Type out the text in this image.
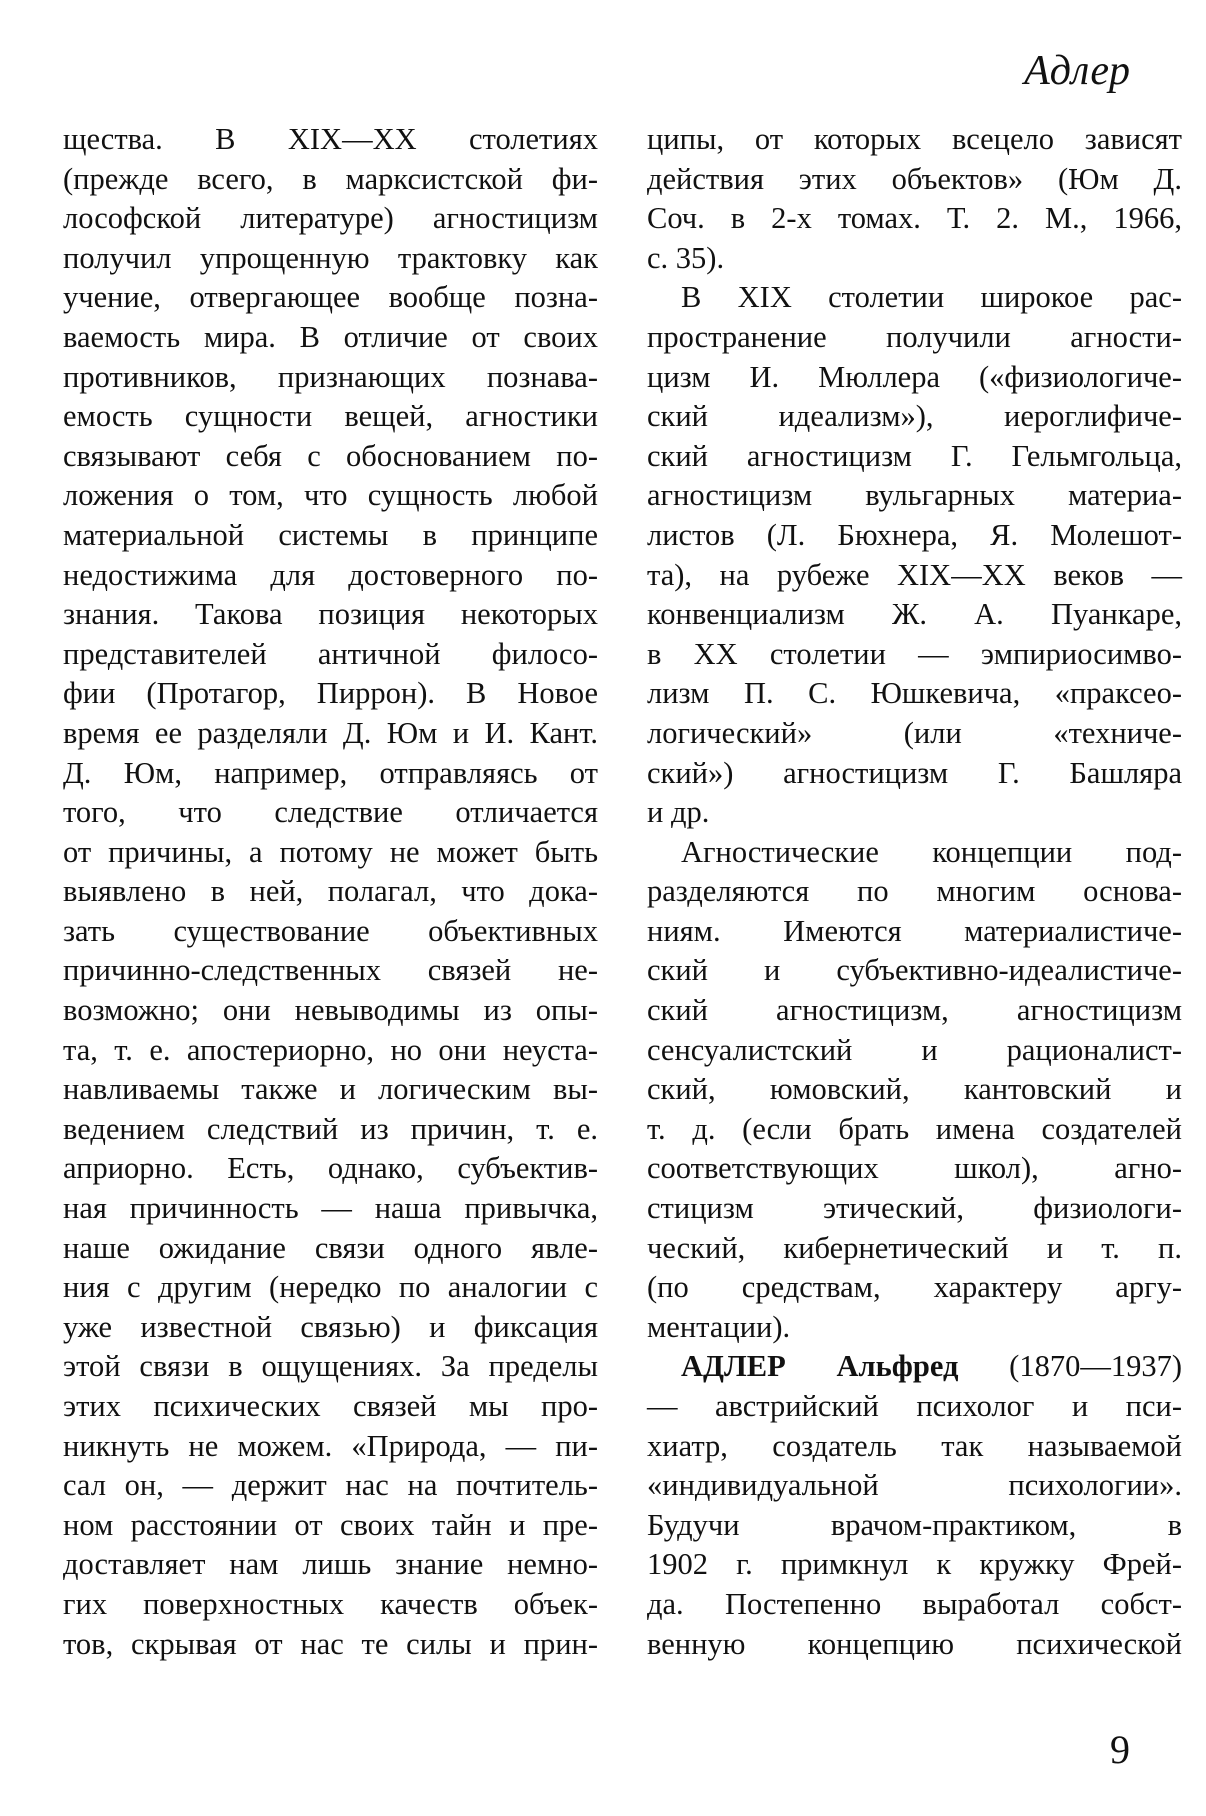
Адлер
щества. В XIX—XX столетиях
(прежде всего, в марксистской фи-
лософской литературе) агностицизм
получил упрощенную трактовку как
учение, отвергающее вообще позна-
ваемость мира. В отличие от своих
противников, признающих познава-
емость сущности вещей, агностики
связывают себя с обоснованием по-
ложения о том, что сущность любой
материальной системы в принципе
недостижима для достоверного по-
знания. Такова позиция некоторых
представителей античной филосо-
фии (Протагор, Пиррон). В Новое
время ее разделяли Д. Юм и И. Кант.
Д. Юм, например, отправляясь от
того, что следствие отличается
от причины, а потому не может быть
выявлено в ней, полагал, что дока-
зать существование объективных
причинно-следственных связей не-
возможно; они невыводимы из опы-
та, т. е. апостериорно, но они неуста-
навливаемы также и логическим вы-
ведением следствий из причин, т. е.
априорно. Есть, однако, субъектив-
ная причинность — наша привычка,
наше ожидание связи одного явле-
ния с другим (нередко по аналогии с
уже известной связью) и фиксация
этой связи в ощущениях. За пределы
этих психических связей мы про-
никнуть не можем. «Природа, — пи-
сал он, — держит нас на почтитель-
ном расстоянии от своих тайн и пре-
доставляет нам лишь знание немно-
гих поверхностных качеств объек-
тов, скрывая от нас те силы и прин-
ципы, от которых всецело зависят
действия этих объектов» (Юм Д.
Соч. в 2-х томах. Т. 2. М., 1966,
с. 35).
В XIX столетии широкое рас-
пространение получили агности-
цизм И. Мюллера («физиологиче-
ский идеализм»), иероглифиче-
ский агностицизм Г. Гельмгольца,
агностицизм вульгарных материа-
листов (Л. Бюхнера, Я. Молешот-
та), на рубеже XIX—XX веков —
конвенциализм Ж. А. Пуанкаре,
в XX столетии — эмпириосимво-
лизм П. С. Юшкевича, «праксео-
логический» (или «техниче-
ский») агностицизм Г. Башляра
и др.
Агностические концепции под-
разделяются по многим основа-
ниям. Имеются материалистиче-
ский и субъективно-идеалистиче-
ский агностицизм, агностицизм
сенсуалистский и рационалист-
ский, юмовский, кантовский и
т. д. (если брать имена создателей
соответствующих школ), агно-
стицизм этический, физиологи-
ческий, кибернетический и т. п.
(по средствам, характеру аргу-
ментации).
АДЛЕР Альфред (1870—1937)
— австрийский психолог и пси-
хиатр, создатель так называемой
«индивидуальной психологии».
Будучи врачом-практиком, в
1902 г. примкнул к кружку Фрей-
да. Постепенно выработал собст-
венную концепцию психической
9
